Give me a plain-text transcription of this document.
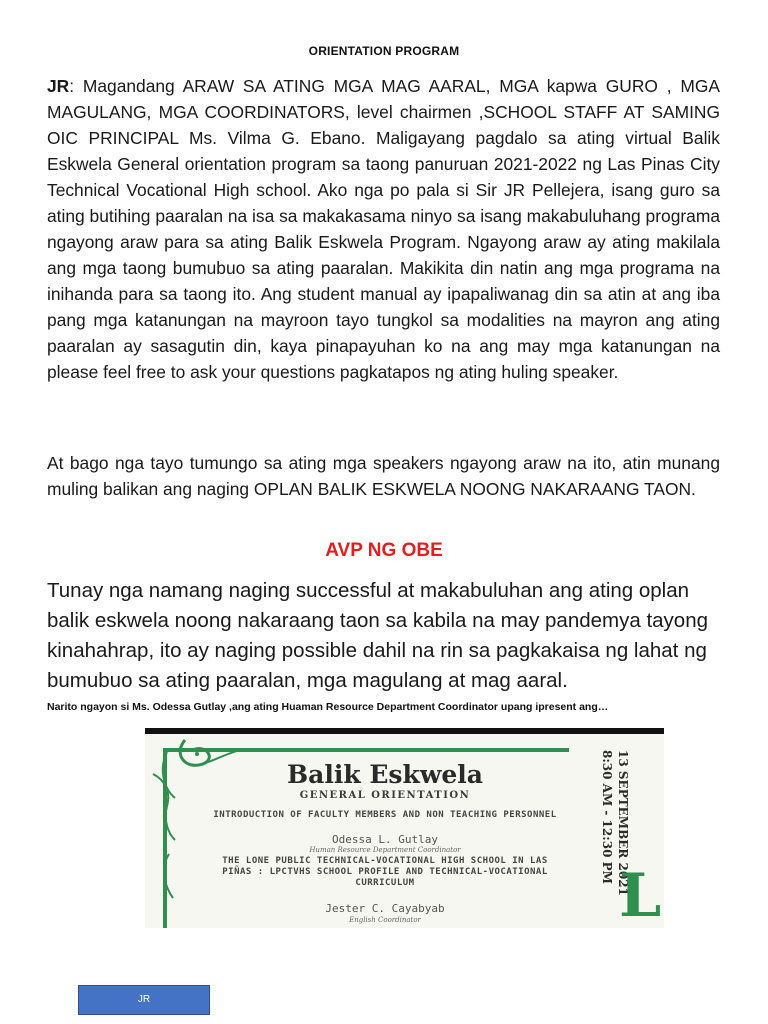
ORIENTATION PROGRAM

JR: Magandang ARAW SA ATING MGA MAG AARAL, MGA kapwa GURO , MGA MAGULANG, MGA COORDINATORS, level chairmen ,SCHOOL STAFF AT SAMING OIC PRINCIPAL Ms. Vilma G. Ebano. Maligayang pagdalo sa ating virtual Balik Eskwela General orientation program sa taong panuruan 2021-2022 ng Las Pinas City Technical Vocational High school. Ako nga po pala si Sir JR Pellejera, isang guro sa ating butihing paaralan na isa sa makakasama ninyo sa isang makabuluhang programa ngayong araw para sa ating Balik Eskwela Program. Ngayong araw ay ating makilala ang mga taong bumubuo sa ating paaralan. Makikita din natin ang mga programa na inihanda para sa taong ito. Ang student manual ay ipapaliwanag din sa atin at ang iba pang mga katanungan na mayroon tayo tungkol sa modalities na mayron ang ating paaralan ay sasagutin din, kaya pinapayuhan ko na ang may mga katanungan na please feel free to ask your questions pagkatapos ng ating huling speaker.

At bago nga tayo tumungo sa ating mga speakers ngayong araw na ito, atin munang muling balikan ang naging OPLAN BALIK ESKWELA NOONG NAKARAANG TAON.

AVP NG OBE

Tunay nga namang naging successful at makabuluhan ang ating oplan balik eskwela noong nakaraang taon sa kabila na may pandemya tayong kinahahrap, ito ay naging possible dahil na rin sa pagkakaisa ng lahat ng bumubuo sa ating paaralan, mga magulang at mag aaral.

Narito ngayon si Ms. Odessa Gutlay ,ang ating Huaman Resource Department Coordinator upang ipresent ang…

Balik Eskwela
GENERAL ORIENTATION
INTRODUCTION OF FACULTY MEMBERS AND NON TEACHING PERSONNEL
Odessa L. Gutlay
Human Resource Department Coordinator
THE LONE PUBLIC TECHNICAL-VOCATIONAL HIGH SCHOOL IN LAS PIÑAS : LPCTVHS SCHOOL PROFILE AND TECHNICAL-VOCATIONAL CURRICULUM
Jester C. Cayabyab
English Coordinator
13 SEPTEMBER 2021
8:30 AM - 12:30 PM
L
JR
